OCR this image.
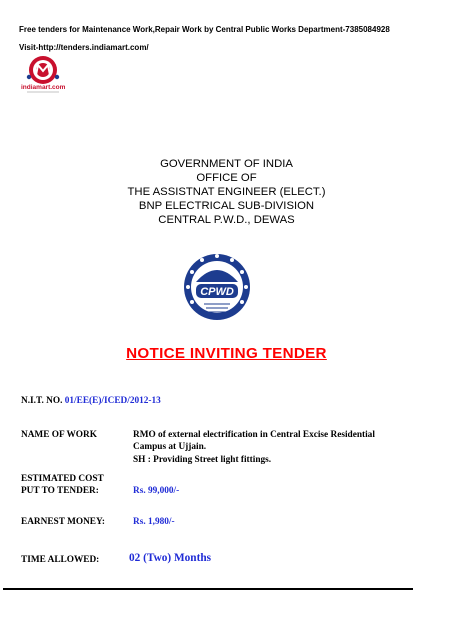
Free tenders for Maintenance Work,Repair Work by Central Public Works Department-7385084928
Visit-http://tenders.indiamart.com/
indiamart.com
GOVERNMENT OF INDIA
OFFICE OF
THE ASSISTNAT ENGINEER (ELECT.)
BNP ELECTRICAL SUB-DIVISION
CENTRAL P.W.D., DEWAS
CPWD
NOTICE INVITING TENDER
N.I.T. NO. 01/EE(E)/ICED/2012-13
NAME OF WORK	RMO of external electrification in Central Excise Residential
Campus at Ujjain.
SH : Providing Street light fittings.
ESTIMATED COST
PUT TO TENDER:	Rs. 99,000/-
EARNEST MONEY:	Rs. 1,980/-
TIME ALLOWED:	02 (Two) Months
